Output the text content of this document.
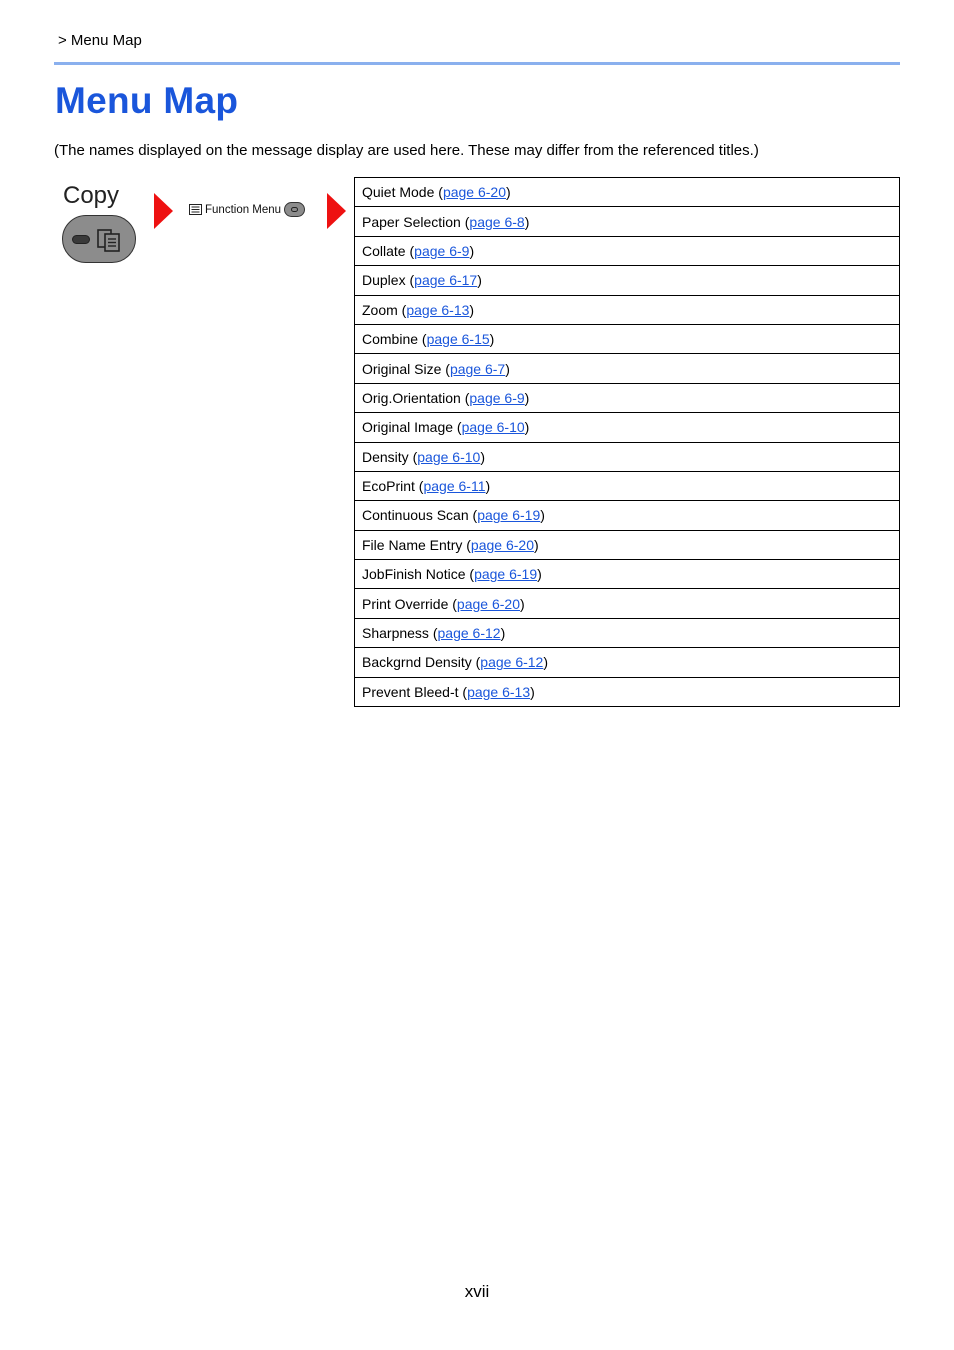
> Menu Map
Menu Map
(The names displayed on the message display are used here. These may differ from the referenced titles.)
Copy
Function Menu
Quiet Mode (page 6-20)
Paper Selection (page 6-8)
Collate (page 6-9)
Duplex (page 6-17)
Zoom (page 6-13)
Combine (page 6-15)
Original Size (page 6-7)
Orig.Orientation (page 6-9)
Original Image (page 6-10)
Density (page 6-10)
EcoPrint (page 6-11)
Continuous Scan (page 6-19)
File Name Entry (page 6-20)
JobFinish Notice (page 6-19)
Print Override (page 6-20)
Sharpness (page 6-12)
Backgrnd Density (page 6-12)
Prevent Bleed-t (page 6-13)
xvii
